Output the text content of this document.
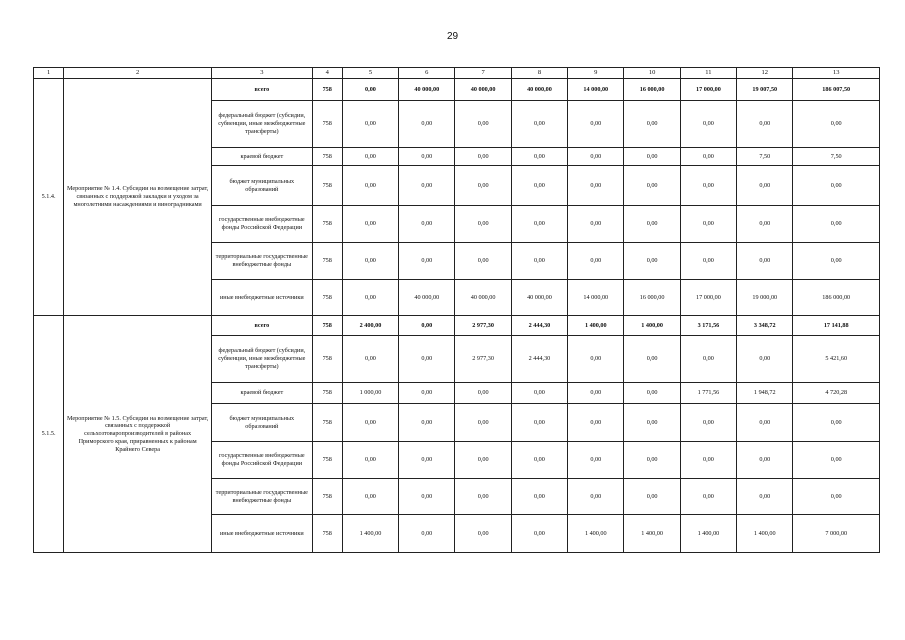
29
1	2	3	4	5	6	7	8	9	10	11	12	13
5.1.4.	Мероприятие № 1.4. Субсидии на возмещение затрат, связанных с поддержкой закладки и уходом за многолетними насаждениями и виноградниками	всего	758	0,00	40 000,00	40 000,00	40 000,00	14 000,00	16 000,00	17 000,00	19 007,50	186 007,50
		федеральный бюджет (субсидии, субвенции, иные межбюджетные трансферты)	758	0,00	0,00	0,00	0,00	0,00	0,00	0,00	0,00	0,00
		краевой бюджет	758	0,00	0,00	0,00	0,00	0,00	0,00	0,00	7,50	7,50
		бюджет муниципальных образований	758	0,00	0,00	0,00	0,00	0,00	0,00	0,00	0,00	0,00
		государственные внебюджетные фонды Российской Федерации	758	0,00	0,00	0,00	0,00	0,00	0,00	0,00	0,00	0,00
		территориальные государственные внебюджетные фонды	758	0,00	0,00	0,00	0,00	0,00	0,00	0,00	0,00	0,00
		иные внебюджетные источники	758	0,00	40 000,00	40 000,00	40 000,00	14 000,00	16 000,00	17 000,00	19 000,00	186 000,00
5.1.5.	Мероприятие № 1.5. Субсидии на возмещение затрат, связанных с поддержкой сельхозтоваропроизводителей в районах Приморского края, приравненных к районам Крайнего Севера	всего	758	2 400,00	0,00	2 977,30	2 444,30	1 400,00	1 400,00	3 171,56	3 348,72	17 141,88
		федеральный бюджет (субсидии, субвенции, иные межбюджетные трансферты)	758	0,00	0,00	2 977,30	2 444,30	0,00	0,00	0,00	0,00	5 421,60
		краевой бюджет	758	1 000,00	0,00	0,00	0,00	0,00	0,00	1 771,56	1 948,72	4 720,28
		бюджет муниципальных образований	758	0,00	0,00	0,00	0,00	0,00	0,00	0,00	0,00	0,00
		государственные внебюджетные фонды Российской Федерации	758	0,00	0,00	0,00	0,00	0,00	0,00	0,00	0,00	0,00
		территориальные государственные внебюджетные фонды	758	0,00	0,00	0,00	0,00	0,00	0,00	0,00	0,00	0,00
		иные внебюджетные источники	758	1 400,00	0,00	0,00	0,00	1 400,00	1 400,00	1 400,00	1 400,00	7 000,00
